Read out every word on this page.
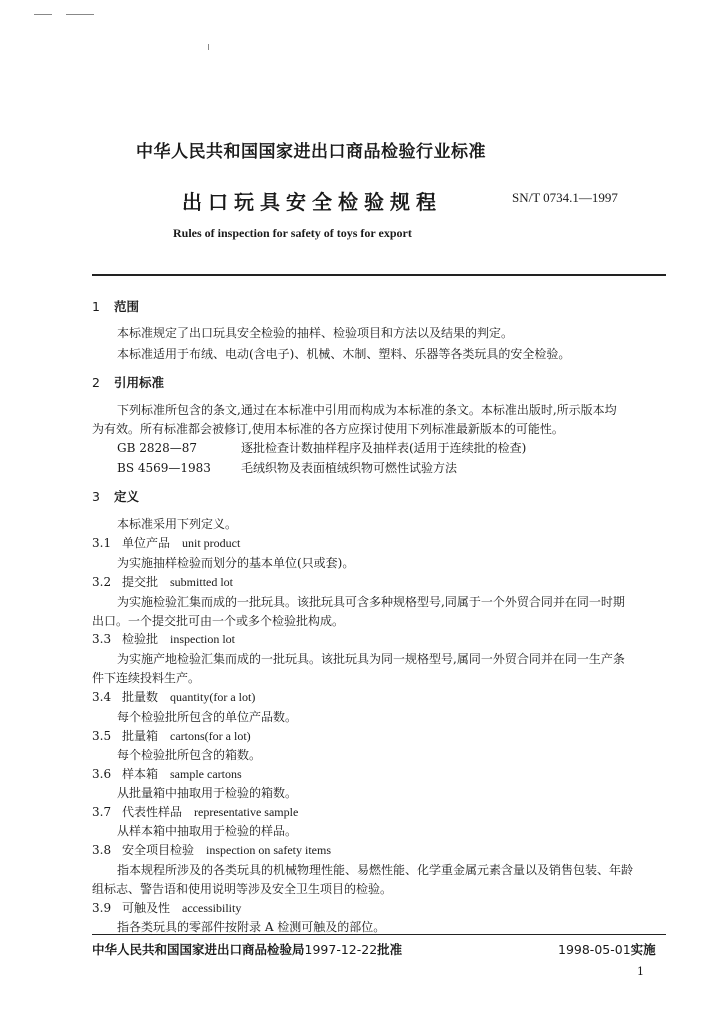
中华人民共和国国家进出口商品检验行业标准
出口玩具安全检验规程	SN/T 0734.1—1997
Rules of inspection for safety of toys for export
1 范围
本标准规定了出口玩具安全检验的抽样、检验项目和方法以及结果的判定。
本标准适用于布绒、电动(含电子)、机械、木制、塑料、乐器等各类玩具的安全检验。
2 引用标准
下列标准所包含的条文,通过在本标准中引用而构成为本标准的条文。本标准出版时,所示版本均
为有效。所有标准都会被修订,使用本标准的各方应探讨使用下列标准最新版本的可能性。
GB 2828—87	逐批检查计数抽样程序及抽样表(适用于连续批的检查)
BS 4569—1983	毛绒织物及表面植绒织物可燃性试验方法
3 定义
本标准采用下列定义。
3.1 单位产品 unit product
为实施抽样检验而划分的基本单位(只或套)。
3.2 提交批 submitted lot
为实施检验汇集而成的一批玩具。该批玩具可含多种规格型号,同属于一个外贸合同并在同一时期
出口。一个提交批可由一个或多个检验批构成。
3.3 检验批 inspection lot
为实施产地检验汇集而成的一批玩具。该批玩具为同一规格型号,属同一外贸合同并在同一生产条
件下连续投料生产。
3.4 批量数 quantity(for a lot)
每个检验批所包含的单位产品数。
3.5 批量箱 cartons(for a lot)
每个检验批所包含的箱数。
3.6 样本箱 sample cartons
从批量箱中抽取用于检验的箱数。
3.7 代表性样品 representative sample
从样本箱中抽取用于检验的样品。
3.8 安全项目检验 inspection on safety items
指本规程所涉及的各类玩具的机械物理性能、易燃性能、化学重金属元素含量以及销售包装、年龄
组标志、警告语和使用说明等涉及安全卫生项目的检验。
3.9 可触及性 accessibility
指各类玩具的零部件按附录 A 检测可触及的部位。
中华人民共和国国家进出口商品检验局1997-12-22批准	1998-05-01实施
1
